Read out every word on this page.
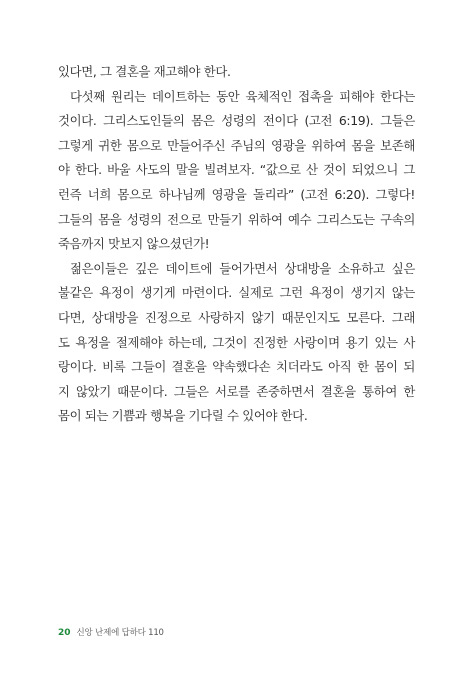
있다면, 그 결혼을 재고해야 한다.
다섯째 원리는 데이트하는 동안 육체적인 접촉을 피해야 한다는
것이다. 그리스도인들의 몸은 성령의 전이다 (고전 6:19). 그들은
그렇게 귀한 몸으로 만들어주신 주님의 영광을 위하여 몸을 보존해
야 한다. 바울 사도의 말을 빌려보자. “값으로 산 것이 되었으니 그
런즉 너희 몸으로 하나님께 영광을 돌리라” (고전 6:20). 그렇다!
그들의 몸을 성령의 전으로 만들기 위하여 예수 그리스도는 구속의
죽음까지 맛보지 않으셨던가!
젊은이들은 깊은 데이트에 들어가면서 상대방을 소유하고 싶은
불같은 욕정이 생기게 마련이다. 실제로 그런 욕정이 생기지 않는
다면, 상대방을 진정으로 사랑하지 않기 때문인지도 모른다. 그래
도 욕정을 절제해야 하는데, 그것이 진정한 사랑이며 용기 있는 사
랑이다. 비록 그들이 결혼을 약속했다손 치더라도 아직 한 몸이 되
지 않았기 때문이다. 그들은 서로를 존중하면서 결혼을 통하여 한
몸이 되는 기쁨과 행복을 기다릴 수 있어야 한다.
20 신앙 난제에 답하다 110
